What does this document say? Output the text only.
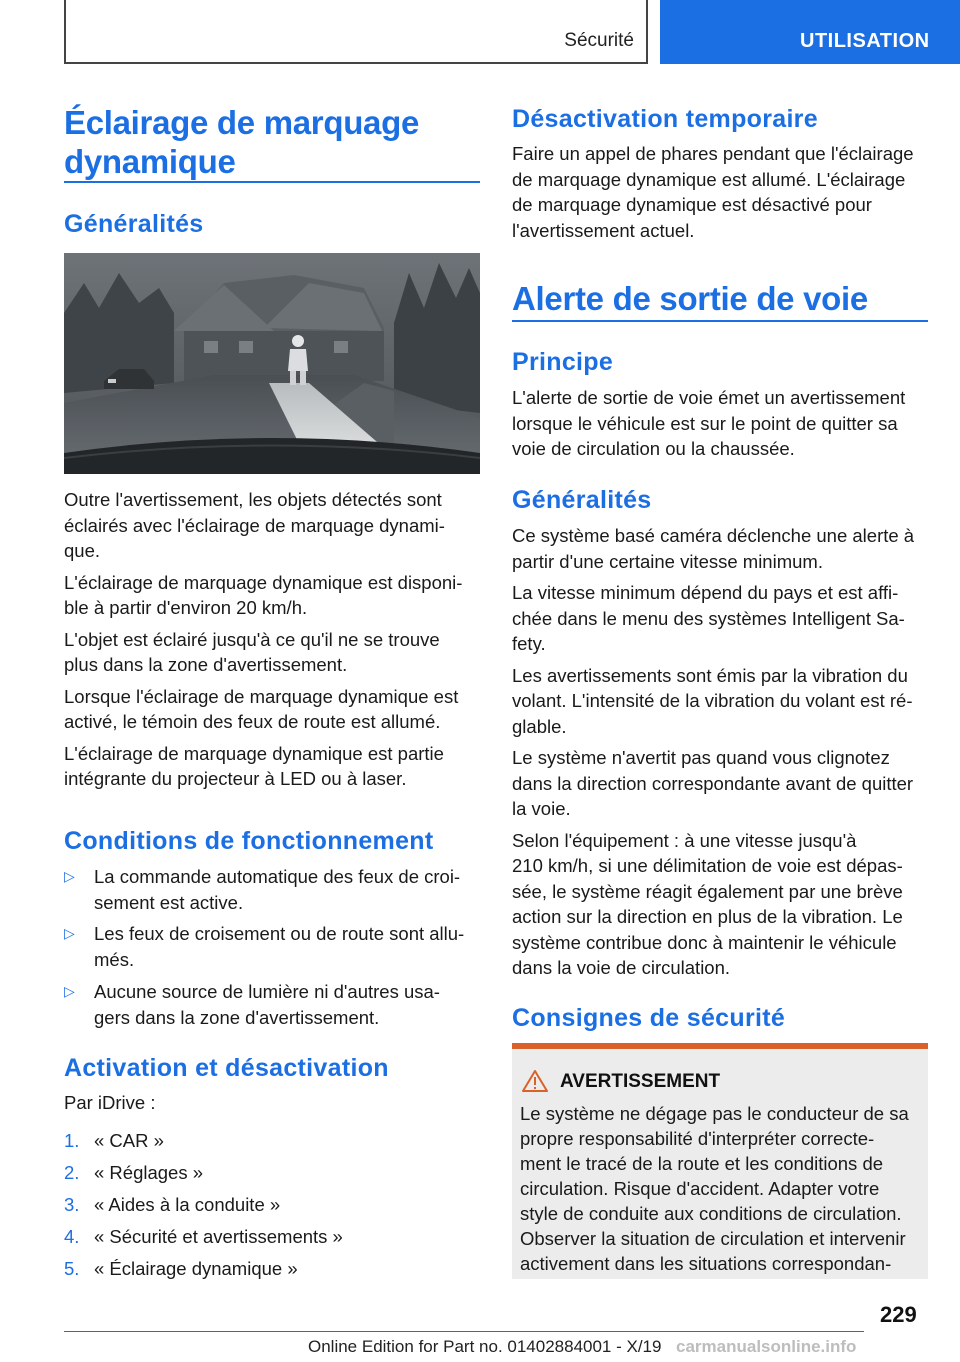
Sécurité	UTILISATION
Éclairage de marquage
dynamique
Généralités
Outre l'avertissement, les objets détectés sont
éclairés avec l'éclairage de marquage dynami‐
que.
L'éclairage de marquage dynamique est disponi‐
ble à partir d'environ 20 km/h.
L'objet est éclairé jusqu'à ce qu'il ne se trouve
plus dans la zone d'avertissement.
Lorsque l'éclairage de marquage dynamique est
activé, le témoin des feux de route est allumé.
L'éclairage de marquage dynamique est partie
intégrante du projecteur à LED ou à laser.
Conditions de fonctionnement
▷ La commande automatique des feux de croi‐
sement est active.
▷ Les feux de croisement ou de route sont allu‐
més.
▷ Aucune source de lumière ni d'autres usa‐
gers dans la zone d'avertissement.
Activation et désactivation
Par iDrive :
1. « CAR »
2. « Réglages »
3. « Aides à la conduite »
4. « Sécurité et avertissements »
5. « Éclairage dynamique »
Désactivation temporaire
Faire un appel de phares pendant que l'éclairage
de marquage dynamique est allumé. L'éclairage
de marquage dynamique est désactivé pour
l'avertissement actuel.
Alerte de sortie de voie
Principe
L'alerte de sortie de voie émet un avertissement
lorsque le véhicule est sur le point de quitter sa
voie de circulation ou la chaussée.
Généralités
Ce système basé caméra déclenche une alerte à
partir d'une certaine vitesse minimum.
La vitesse minimum dépend du pays et est affi‐
chée dans le menu des systèmes Intelligent Sa‐
fety.
Les avertissements sont émis par la vibration du
volant. L'intensité de la vibration du volant est ré‐
glable.
Le système n'avertit pas quand vous clignotez
dans la direction correspondante avant de quitter
la voie.
Selon l'équipement : à une vitesse jusqu'à
210 km/h, si une délimitation de voie est dépas‐
sée, le système réagit également par une brève
action sur la direction en plus de la vibration. Le
système contribue donc à maintenir le véhicule
dans la voie de circulation.
Consignes de sécurité
AVERTISSEMENT
Le système ne dégage pas le conducteur de sa
propre responsabilité d'interpréter correcte‐
ment le tracé de la route et les conditions de
circulation. Risque d'accident. Adapter votre
style de conduite aux conditions de circulation.
Observer la situation de circulation et intervenir
activement dans les situations correspondan‐
229
Online Edition for Part no. 01402884001 - X/19 carmanualsonline.info
